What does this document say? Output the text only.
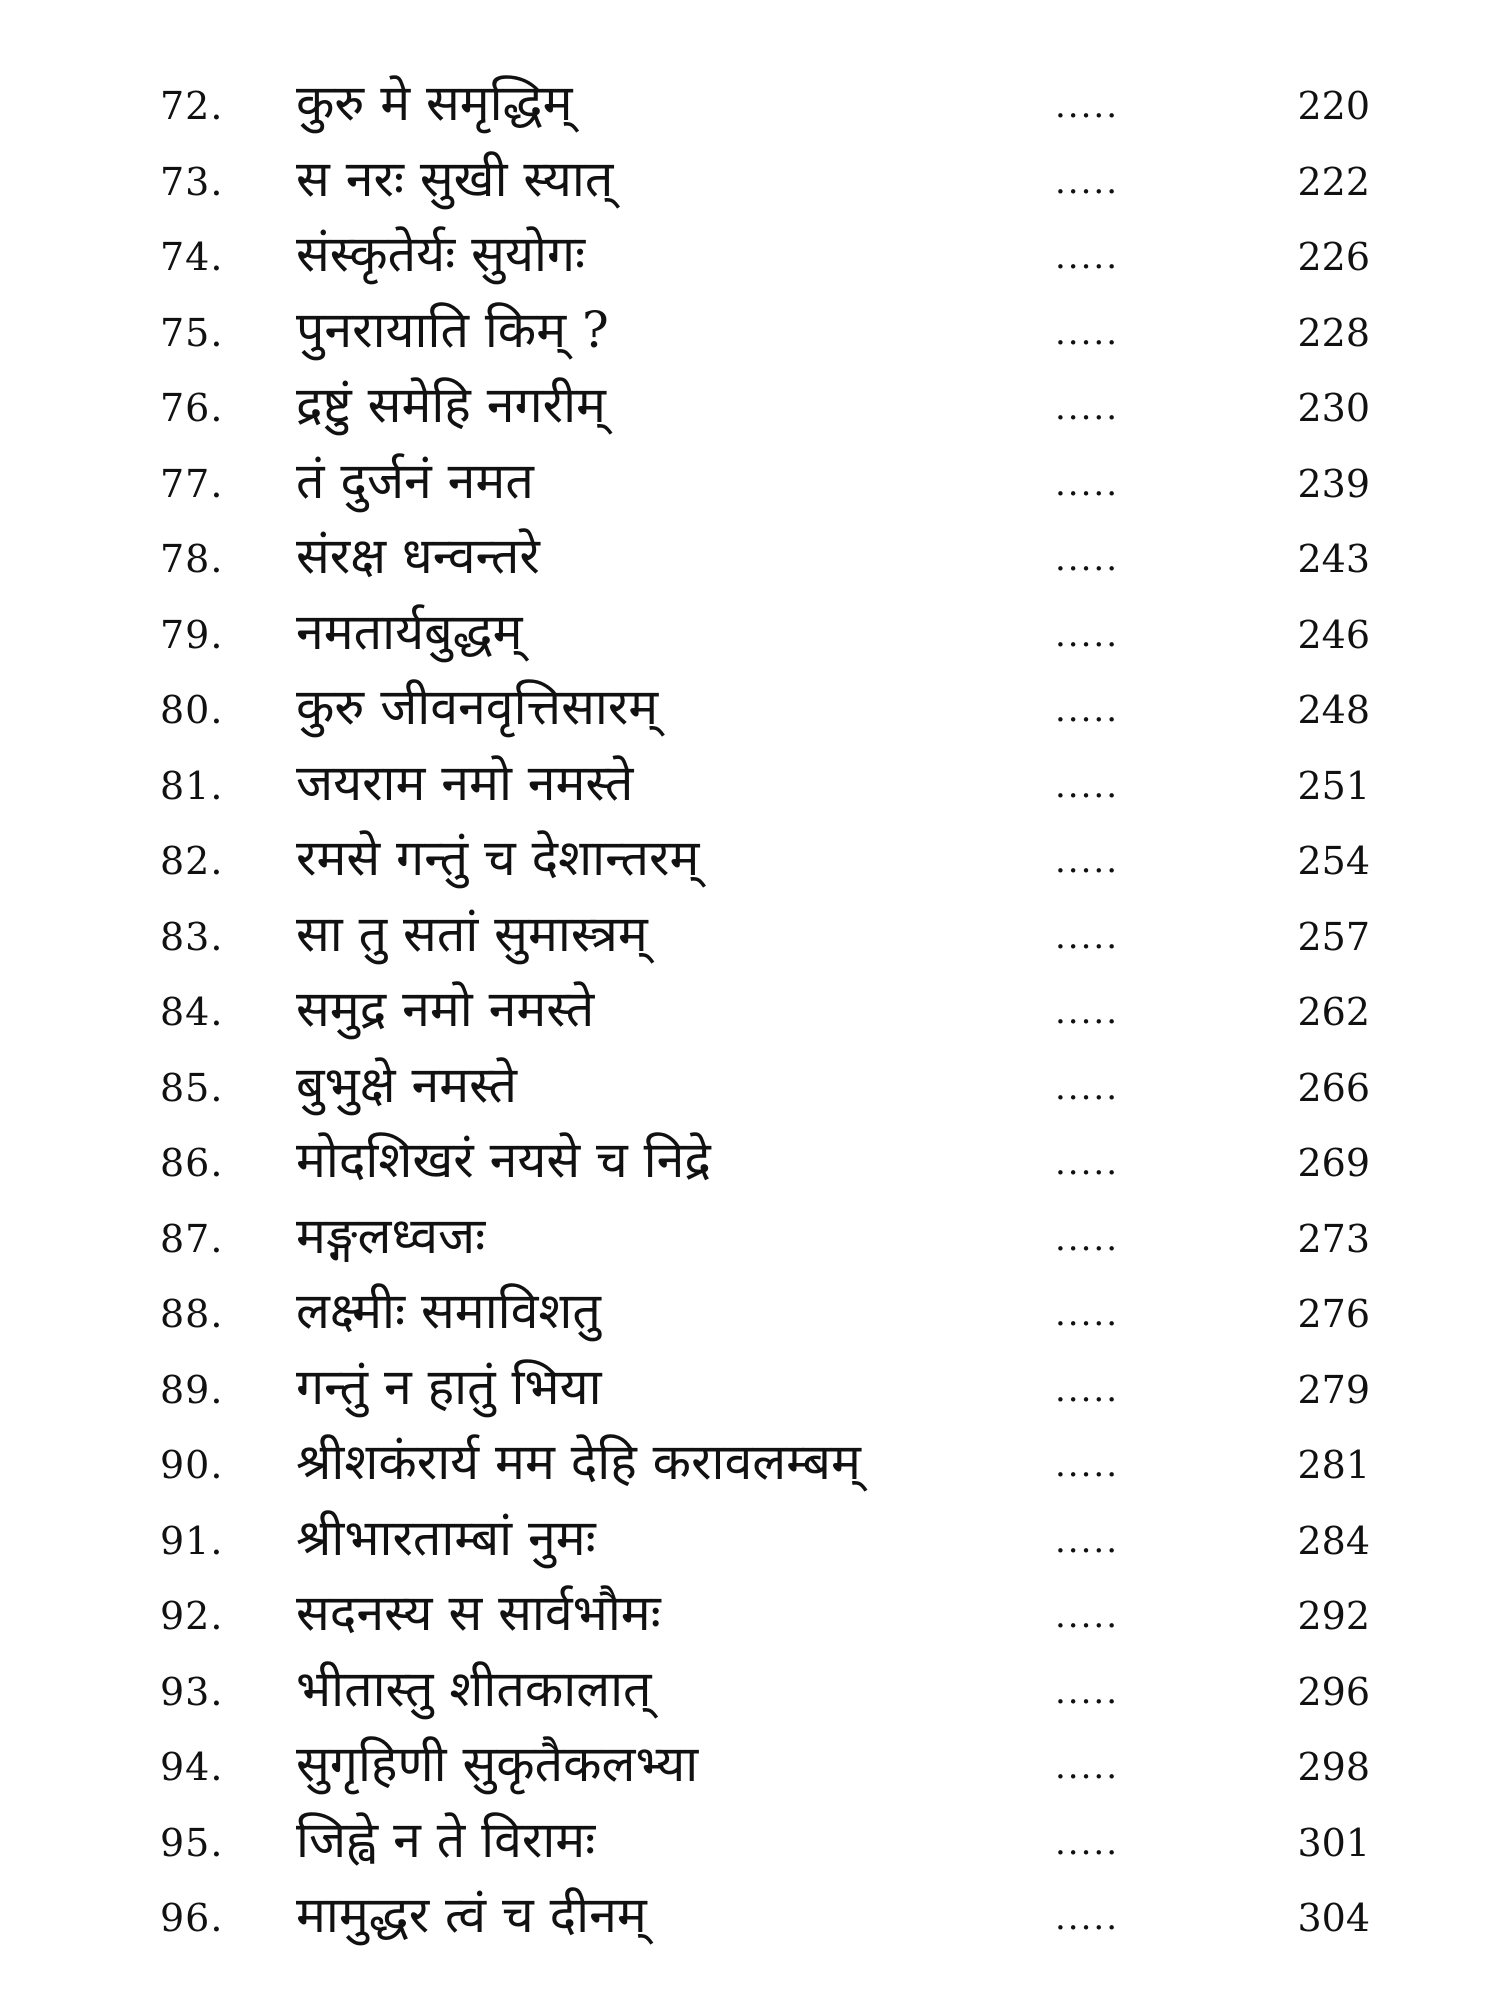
72. कुरु मे समृद्धिम्	.....	220
73. स नरः सुखी स्यात्	.....	222
74. संस्कृतेर्यः सुयोगः	.....	226
75. पुनरायाति किम् ?	.....	228
76. द्रष्टुं समेहि नगरीम्	.....	230
77. तं दुर्जनं नमत	.....	239
78. संरक्ष धन्वन्तरे	.....	243
79. नमतार्यबुद्धम्	.....	246
80. कुरु जीवनवृत्तिसारम्	.....	248
81. जयराम नमो नमस्ते	.....	251
82. रमसे गन्तुं च देशान्तरम्	.....	254
83. सा तु सतां सुमास्त्रम्	.....	257
84. समुद्र नमो नमस्ते	.....	262
85. बुभुक्षे नमस्ते	.....	266
86. मोदशिखरं नयसे च निद्रे	.....	269
87. मङ्गलध्वजः	.....	273
88. लक्ष्मीः समाविशतु	.....	276
89. गन्तुं न हातुं भिया	.....	279
90. श्रीशकंरार्य मम देहि करावलम्बम्	.....	281
91. श्रीभारताम्बां नुमः	.....	284
92. सदनस्य स सार्वभौमः	.....	292
93. भीतास्तु शीतकालात्	.....	296
94. सुगृहिणी सुकृतैकलभ्या	.....	298
95. जिह्वे न ते विरामः	.....	301
96. मामुद्धर त्वं च दीनम्	.....	304
